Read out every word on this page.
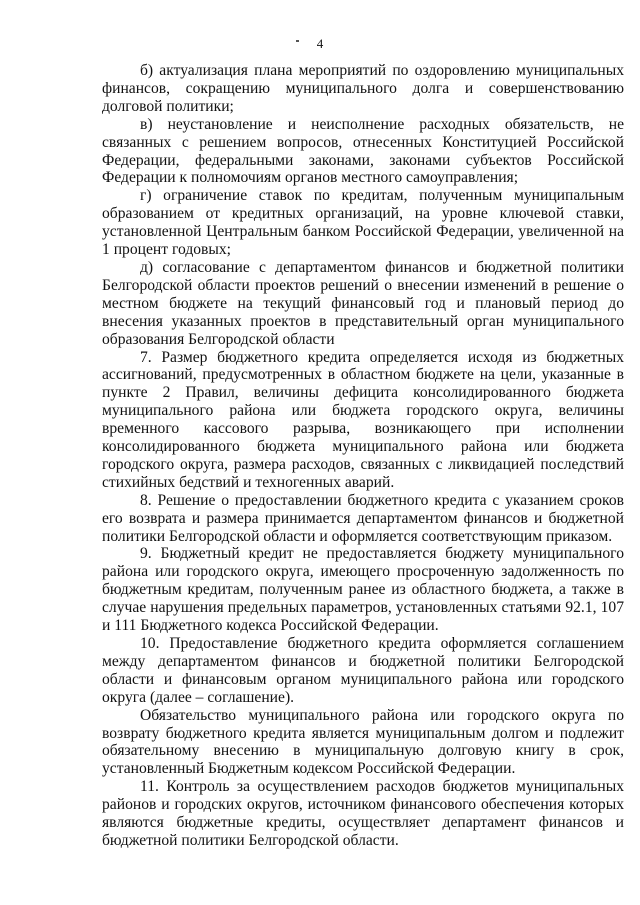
4

б) актуализация плана мероприятий по оздоровлению муниципальных финансов, сокращению муниципального долга и совершенствованию долговой политики;

в) неустановление и неисполнение расходных обязательств, не связанных с решением вопросов, отнесенных Конституцией Российской Федерации, федеральными законами, законами субъектов Российской Федерации к полномочиям органов местного самоуправления;

г) ограничение ставок по кредитам, полученным муниципальным образованием от кредитных организаций, на уровне ключевой ставки, установленной Центральным банком Российской Федерации, увеличенной на 1 процент годовых;

д) согласование с департаментом финансов и бюджетной политики Белгородской области проектов решений о внесении изменений в решение о местном бюджете на текущий финансовый год и плановый период до внесения указанных проектов в представительный орган муниципального образования Белгородской области

7. Размер бюджетного кредита определяется исходя из бюджетных ассигнований, предусмотренных в областном бюджете на цели, указанные в пункте 2 Правил, величины дефицита консолидированного бюджета муниципального района или бюджета городского округа, величины временного кассового разрыва, возникающего при исполнении консолидированного бюджета муниципального района или бюджета городского округа, размера расходов, связанных с ликвидацией последствий стихийных бедствий и техногенных аварий.

8. Решение о предоставлении бюджетного кредита с указанием сроков его возврата и размера принимается департаментом финансов и бюджетной политики Белгородской области и оформляется соответствующим приказом.

9. Бюджетный кредит не предоставляется бюджету муниципального района или городского округа, имеющего просроченную задолженность по бюджетным кредитам, полученным ранее из областного бюджета, а также в случае нарушения предельных параметров, установленных статьями 92.1, 107 и 111 Бюджетного кодекса Российской Федерации.

10. Предоставление бюджетного кредита оформляется соглашением между департаментом финансов и бюджетной политики Белгородской области и финансовым органом муниципального района или городского округа (далее – соглашение).

Обязательство муниципального района или городского округа по возврату бюджетного кредита является муниципальным долгом и подлежит обязательному внесению в муниципальную долговую книгу в срок, установленный Бюджетным кодексом Российской Федерации.

11. Контроль за осуществлением расходов бюджетов муниципальных районов и городских округов, источником финансового обеспечения которых являются бюджетные кредиты, осуществляет департамент финансов и бюджетной политики Белгородской области.
